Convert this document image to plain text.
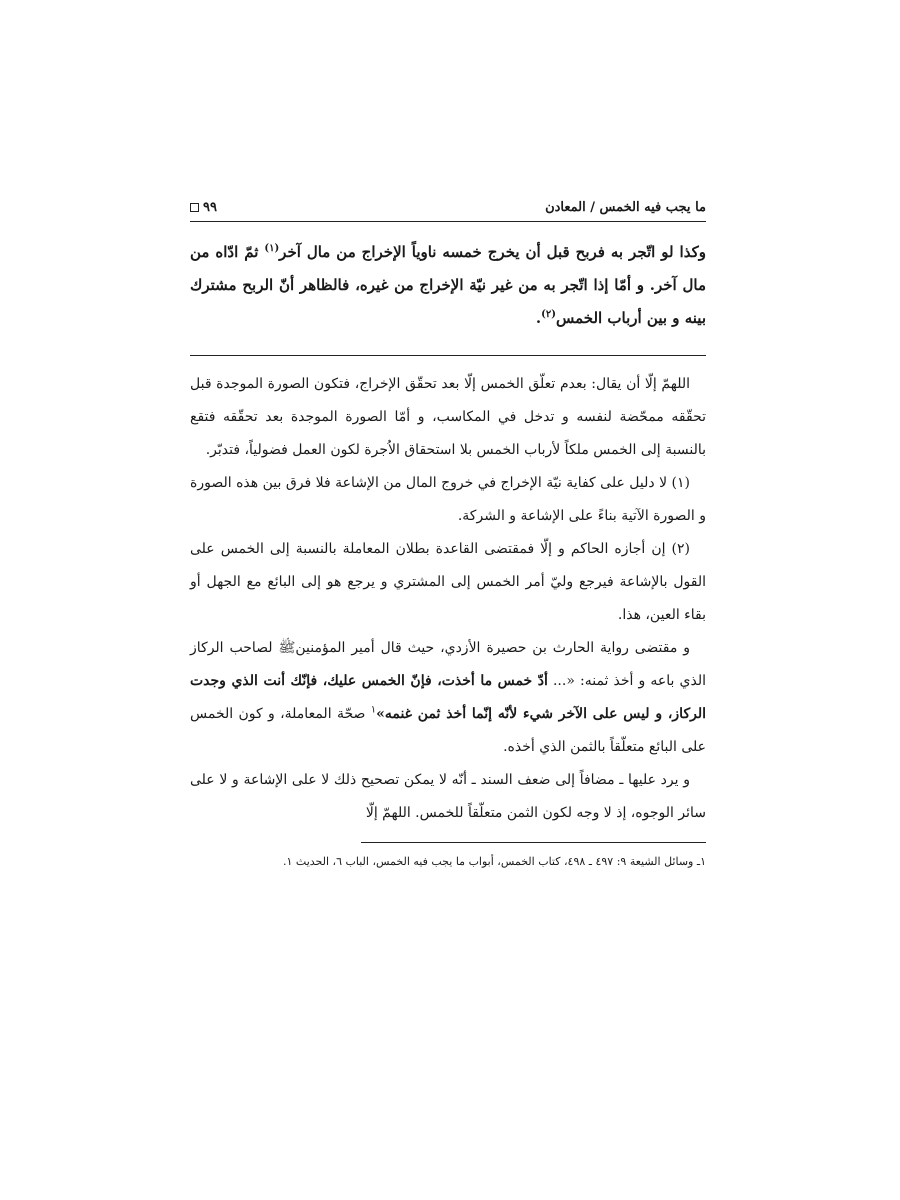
ما يجب فيه الخمس / المعادن
٩٩
وكذا لو اتّجر به فربح قبل أن يخرج خمسه ناوياً الإخراج من مال آخر$^{(١)}$ ثمّ ادّاه من مال آخر. و أمّا إذا اتّجر به من غير نيّة الإخراج من غيره، فالظاهر أنّ الربح مشترك بينه و بين أرباب الخمس$^{(٢)}$.

اللهمّ إلّا أن يقال: بعدم تعلّق الخمس إلّا بعد تحقّق الإخراج، فتكون الصورة الموجدة قبل تحقّقه ممحّضة لنفسه و تدخل في المكاسب، و أمّا الصورة الموجدة بعد تحقّقه فتقع بالنسبة إلى الخمس ملكاً لأرباب الخمس بلا استحقاق الاُجرة لكون العمل فضولياً، فتدبّر.

(١) لا دليل على كفاية نيّة الإخراج في خروج المال من الإشاعة فلا فرق بين هذه الصورة و الصورة الآتية بناءً على الإشاعة و الشركة.

(٢) إن أجازه الحاكم و إلّا فمقتضى القاعدة بطلان المعاملة بالنسبة إلى الخمس على القول بالإشاعة فيرجع وليّ أمر الخمس إلى المشتري و يرجع هو إلى البائع مع الجهل أو بقاء العين، هذا.

و مقتضى رواية الحارث بن حصيرة الأزدي، حيث قال أمير المؤمنينﷺ لصاحب الركاز الذي باعه و أخذ ثمنه: «... أدّ خمس ما أخذت، فإنّ الخمس عليك، فإنّك أنت الذي وجدت الركاز، و ليس على الآخر شيء لأنّه إنّما أخذ ثمن غنمه»$^١$ صحّة المعاملة، و كون الخمس على البائع متعلّقاً بالثمن الذي أخذه.

و يرد عليها ـ مضافاً إلى ضعف السند ـ أنّه لا يمكن تصحيح ذلك لا على الإشاعة و لا على سائر الوجوه، إذ لا وجه لكون الثمن متعلّقاً للخمس. اللهمّ إلّا

١ـ وسائل الشيعة ٩: ٤٩٧ ـ ٤٩٨، كتاب الخمس، أبواب ما يجب فيه الخمس، الباب ٦، الحديث ١.
